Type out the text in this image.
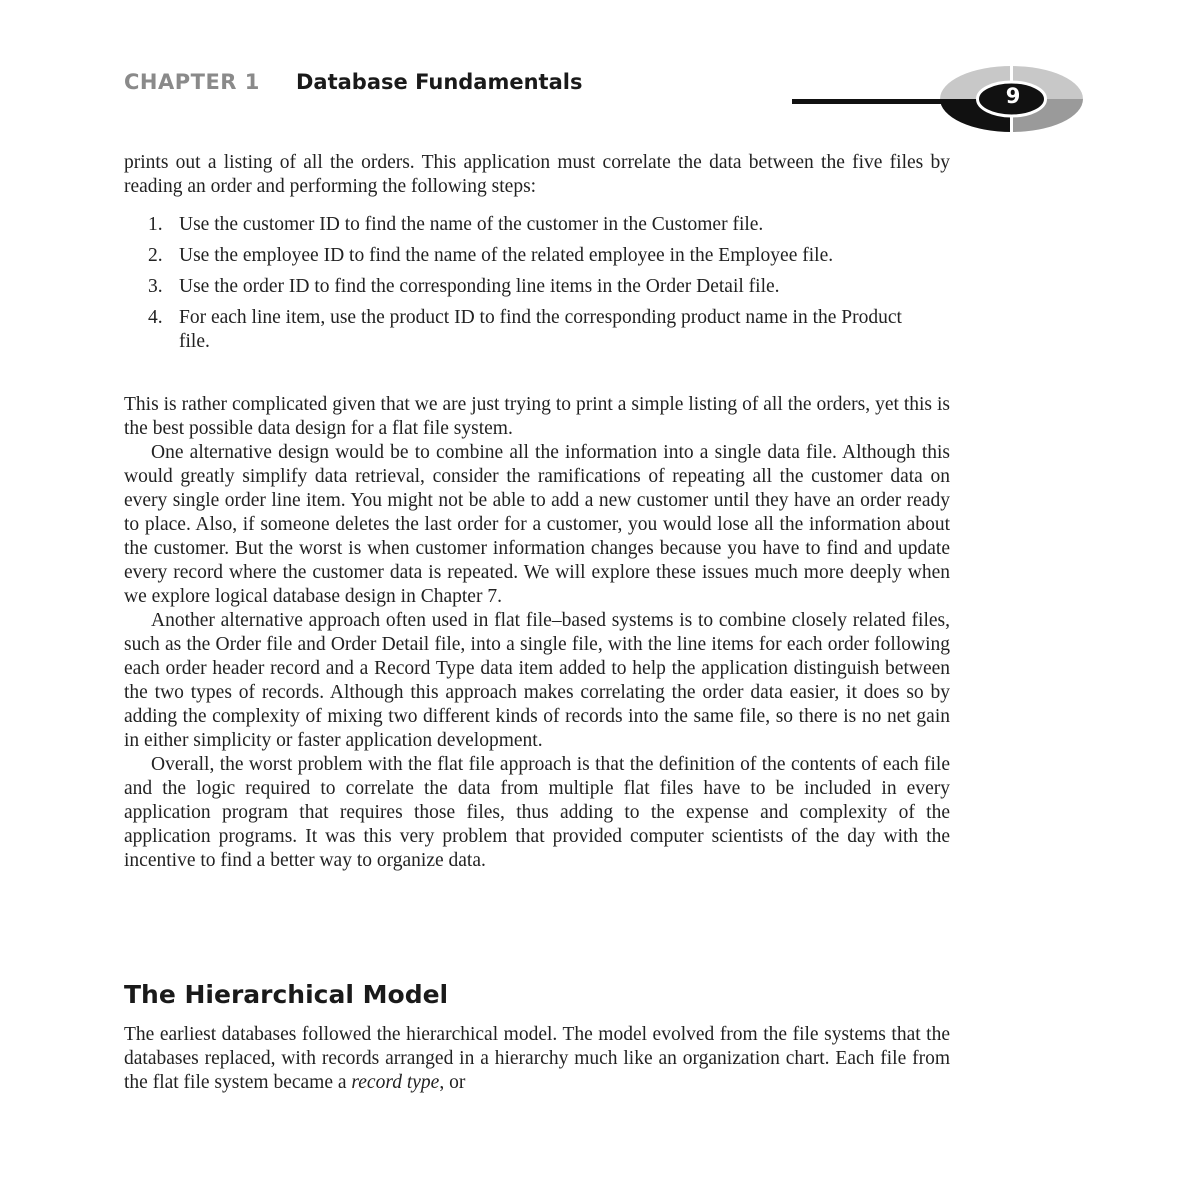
CHAPTER 1 Database Fundamentals
9

prints out a listing of all the orders. This application must correlate the data between the five files by reading an order and performing the following steps:

1. Use the customer ID to find the name of the customer in the Customer file.
2. Use the employee ID to find the name of the related employee in the Employee file.
3. Use the order ID to find the corresponding line items in the Order Detail file.
4. For each line item, use the product ID to find the corresponding product name in the Product file.

This is rather complicated given that we are just trying to print a simple listing of all the orders, yet this is the best possible data design for a flat file system.

One alternative design would be to combine all the information into a single data file. Although this would greatly simplify data retrieval, consider the ramifications of repeating all the customer data on every single order line item. You might not be able to add a new customer until they have an order ready to place. Also, if someone deletes the last order for a customer, you would lose all the information about the customer. But the worst is when customer information changes because you have to find and update every record where the customer data is repeated. We will explore these issues much more deeply when we explore logical database design in Chapter 7.

Another alternative approach often used in flat file–based systems is to combine closely related files, such as the Order file and Order Detail file, into a single file, with the line items for each order following each order header record and a Record Type data item added to help the application distinguish between the two types of records. Although this approach makes correlating the order data easier, it does so by adding the complexity of mixing two different kinds of records into the same file, so there is no net gain in either simplicity or faster application development.

Overall, the worst problem with the flat file approach is that the definition of the contents of each file and the logic required to correlate the data from multiple flat files have to be included in every application program that requires those files, thus adding to the expense and complexity of the application programs. It was this very problem that provided computer scientists of the day with the incentive to find a better way to organize data.

The Hierarchical Model

The earliest databases followed the hierarchical model. The model evolved from the file systems that the databases replaced, with records arranged in a hierarchy much like an organization chart. Each file from the flat file system became a record type, or
